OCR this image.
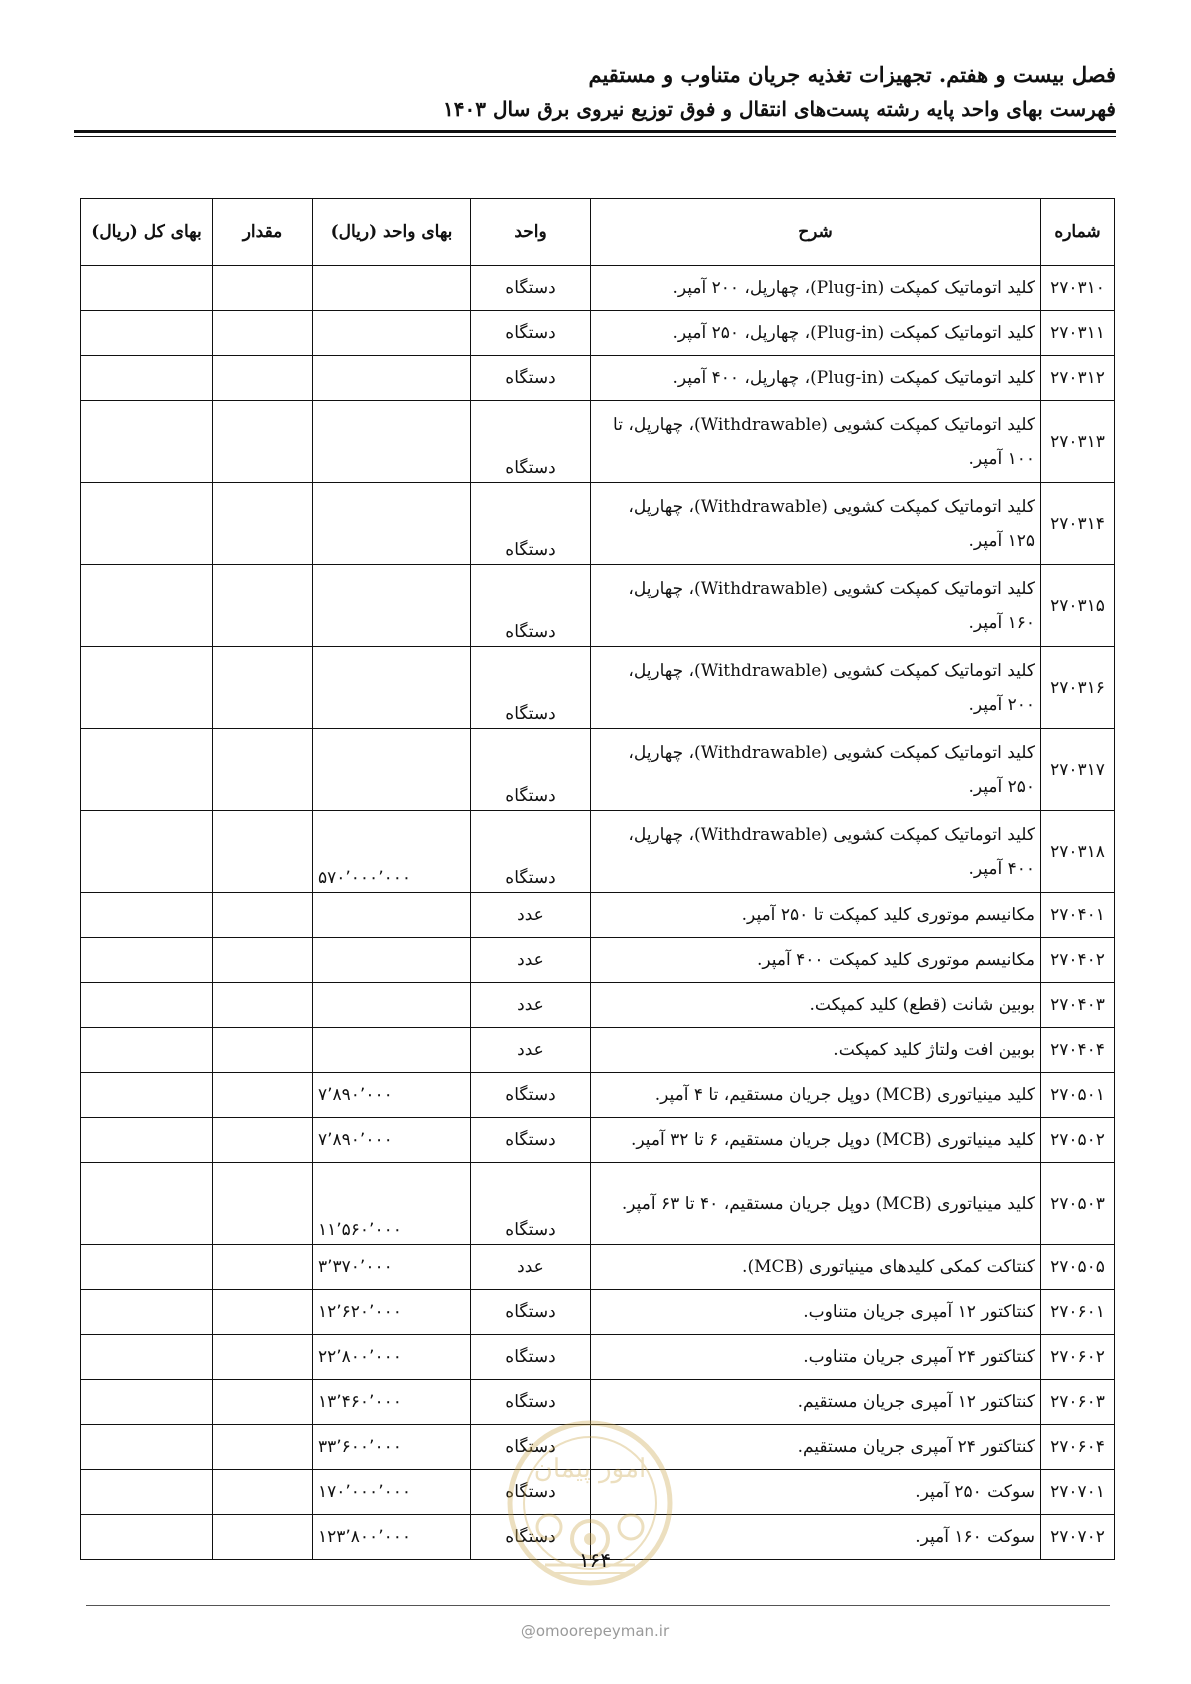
فصل بیست و هفتم. تجهیزات تغذیه جریان متناوب و مستقیم
فهرست بهای واحد پایه رشته پست‌های انتقال و فوق توزیع نیروی برق سال ۱۴۰۳
شماره	شرح	واحد	بهای واحد (ریال)	مقدار	بهای کل (ریال)
۲۷۰۳۱۰	کلید اتوماتیک کمپکت (Plug-in)، چهارپل، ۲۰۰ آمپر.	دستگاه			
۲۷۰۳۱۱	کلید اتوماتیک کمپکت (Plug-in)، چهارپل، ۲۵۰ آمپر.	دستگاه			
۲۷۰۳۱۲	کلید اتوماتیک کمپکت (Plug-in)، چهارپل، ۴۰۰ آمپر.	دستگاه			
۲۷۰۳۱۳	کلید اتوماتیک کمپکت کشویی (Withdrawable)، چهارپل، تا ۱۰۰ آمپر.	دستگاه			
۲۷۰۳۱۴	کلید اتوماتیک کمپکت کشویی (Withdrawable)، چهارپل، ۱۲۵ آمپر.	دستگاه			
۲۷۰۳۱۵	کلید اتوماتیک کمپکت کشویی (Withdrawable)، چهارپل، ۱۶۰ آمپر.	دستگاه			
۲۷۰۳۱۶	کلید اتوماتیک کمپکت کشویی (Withdrawable)، چهارپل، ۲۰۰ آمپر.	دستگاه			
۲۷۰۳۱۷	کلید اتوماتیک کمپکت کشویی (Withdrawable)، چهارپل، ۲۵۰ آمپر.	دستگاه			
۲۷۰۳۱۸	کلید اتوماتیک کمپکت کشویی (Withdrawable)، چهارپل، ۴۰۰ آمپر.	دستگاه	۵۷۰٬۰۰۰٬۰۰۰		
۲۷۰۴۰۱	مکانیسم موتوری کلید کمپکت تا ۲۵۰ آمپر.	عدد			
۲۷۰۴۰۲	مکانیسم موتوری کلید کمپکت ۴۰۰ آمپر.	عدد			
۲۷۰۴۰۳	بوبین شانت (قطع) کلید کمپکت.	عدد			
۲۷۰۴۰۴	بوبین افت ولتاژ کلید کمپکت.	عدد			
۲۷۰۵۰۱	کلید مینیاتوری (MCB) دوپل جریان مستقیم، تا ۴ آمپر.	دستگاه	۷٬۸۹۰٬۰۰۰		
۲۷۰۵۰۲	کلید مینیاتوری (MCB) دوپل جریان مستقیم، ۶ تا ۳۲ آمپر.	دستگاه	۷٬۸۹۰٬۰۰۰		
۲۷۰۵۰۳	کلید مینیاتوری (MCB) دوپل جریان مستقیم، ۴۰ تا ۶۳ آمپر.	دستگاه	۱۱٬۵۶۰٬۰۰۰		
۲۷۰۵۰۵	کنتاکت کمکی کلیدهای مینیاتوری (MCB).	عدد	۳٬۳۷۰٬۰۰۰		
۲۷۰۶۰۱	کنتاکتور ۱۲ آمپری جریان متناوب.	دستگاه	۱۲٬۶۲۰٬۰۰۰		
۲۷۰۶۰۲	کنتاکتور ۲۴ آمپری جریان متناوب.	دستگاه	۲۲٬۸۰۰٬۰۰۰		
۲۷۰۶۰۳	کنتاکتور ۱۲ آمپری جریان مستقیم.	دستگاه	۱۳٬۴۶۰٬۰۰۰		
۲۷۰۶۰۴	کنتاکتور ۲۴ آمپری جریان مستقیم.	دستگاه	۳۳٬۶۰۰٬۰۰۰		
۲۷۰۷۰۱	سوکت ۲۵۰ آمپر.	دستگاه	۱۷۰٬۰۰۰٬۰۰۰		
۲۷۰۷۰۲	سوکت ۱۶۰ آمپر.	دستگاه	۱۲۳٬۸۰۰٬۰۰۰		
امور پیمان
۱۶۴
@omoorepeyman.ir
